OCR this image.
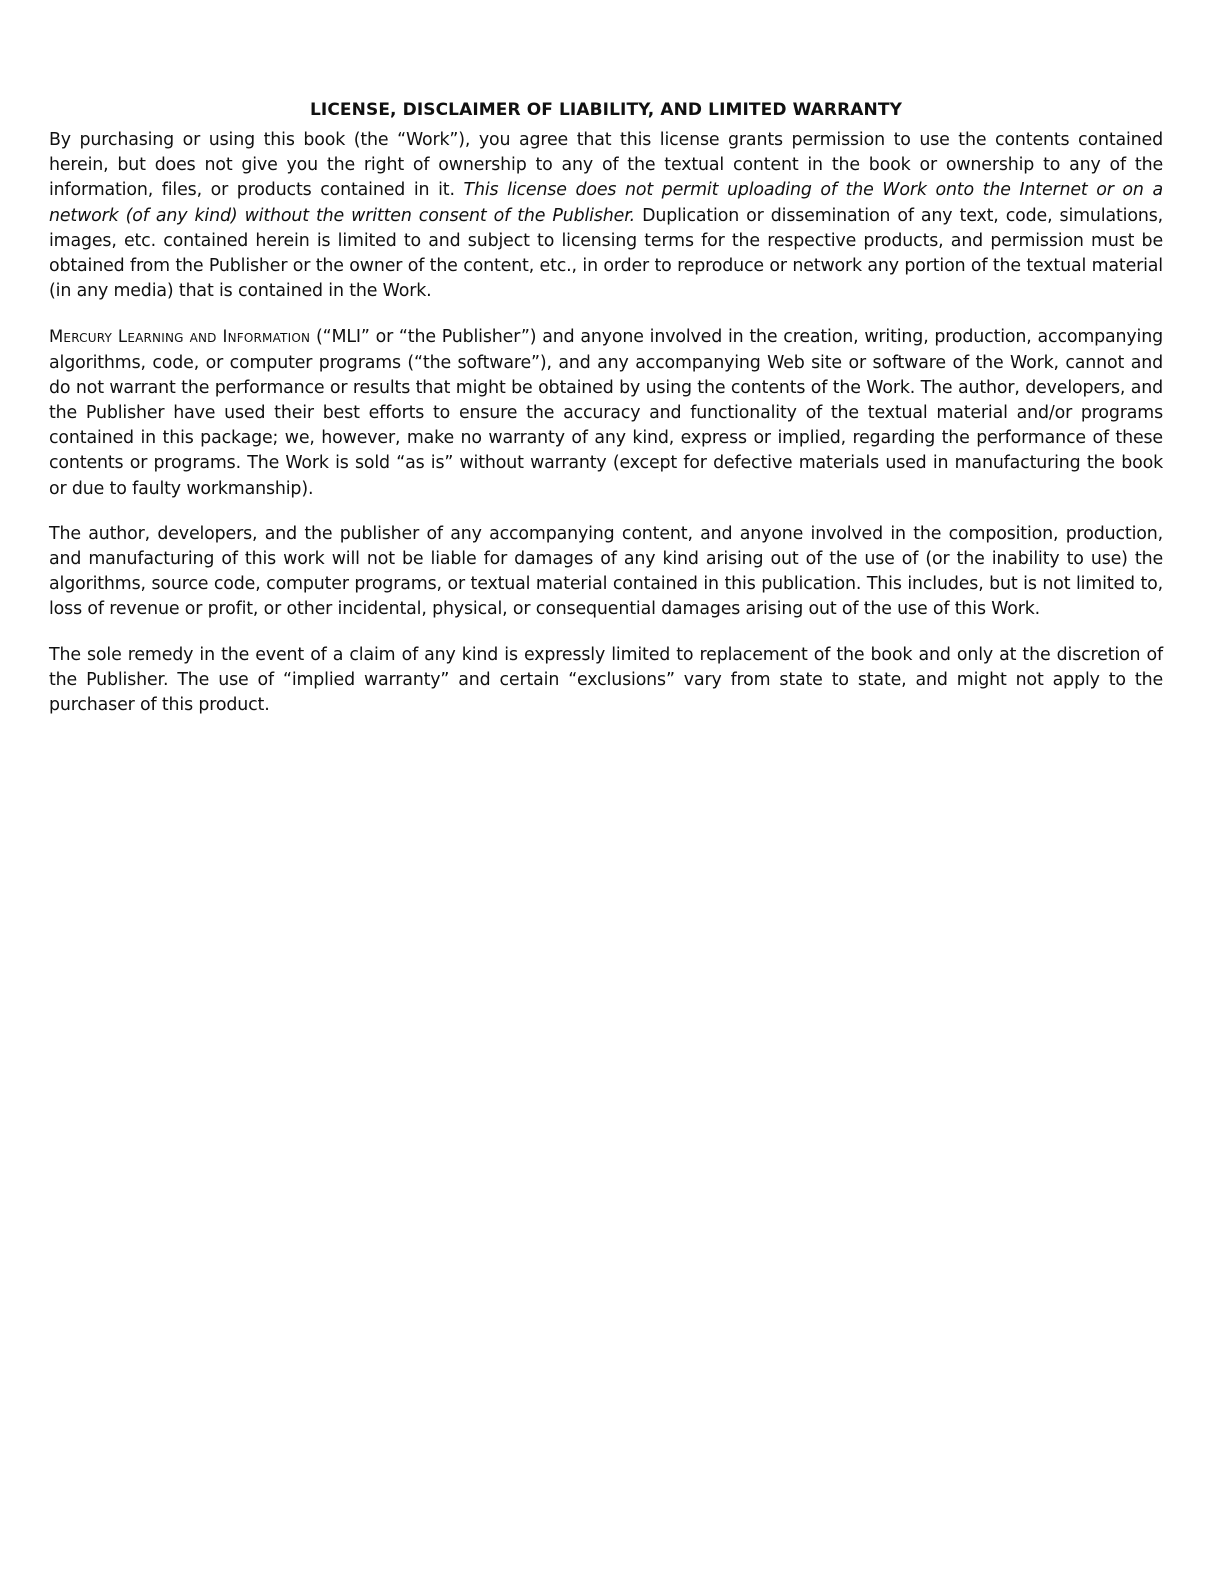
LICENSE, DISCLAIMER OF LIABILITY, AND LIMITED WARRANTY

By purchasing or using this book (the “Work”), you agree that this license grants permission to use the contents contained herein, but does not give you the right of ownership to any of the textual content in the book or ownership to any of the information, files, or products contained in it. This license does not permit uploading of the Work onto the Internet or on a network (of any kind) without the written consent of the Publisher. Duplication or dissemination of any text, code, simulations, images, etc. contained herein is limited to and subject to licensing terms for the respective products, and permission must be obtained from the Publisher or the owner of the content, etc., in order to reproduce or network any portion of the textual material (in any media) that is contained in the Work.

Mercury Learning and Information (“MLI” or “the Publisher”) and anyone involved in the creation, writing, production, accompanying algorithms, code, or computer programs (“the software”), and any accompanying Web site or software of the Work, cannot and do not warrant the performance or results that might be obtained by using the contents of the Work. The author, developers, and the Publisher have used their best efforts to ensure the accuracy and functionality of the textual material and/or programs contained in this package; we, however, make no warranty of any kind, express or implied, regarding the performance of these contents or programs. The Work is sold “as is” without warranty (except for defective materials used in manufacturing the book or due to faulty workmanship).

The author, developers, and the publisher of any accompanying content, and anyone involved in the composition, production, and manufacturing of this work will not be liable for damages of any kind arising out of the use of (or the inability to use) the algorithms, source code, computer programs, or textual material contained in this publication. This includes, but is not limited to, loss of revenue or profit, or other incidental, physical, or consequential damages arising out of the use of this Work.

The sole remedy in the event of a claim of any kind is expressly limited to replacement of the book and only at the discretion of the Publisher. The use of “implied warranty” and certain “exclusions” vary from state to state, and might not apply to the purchaser of this product.
